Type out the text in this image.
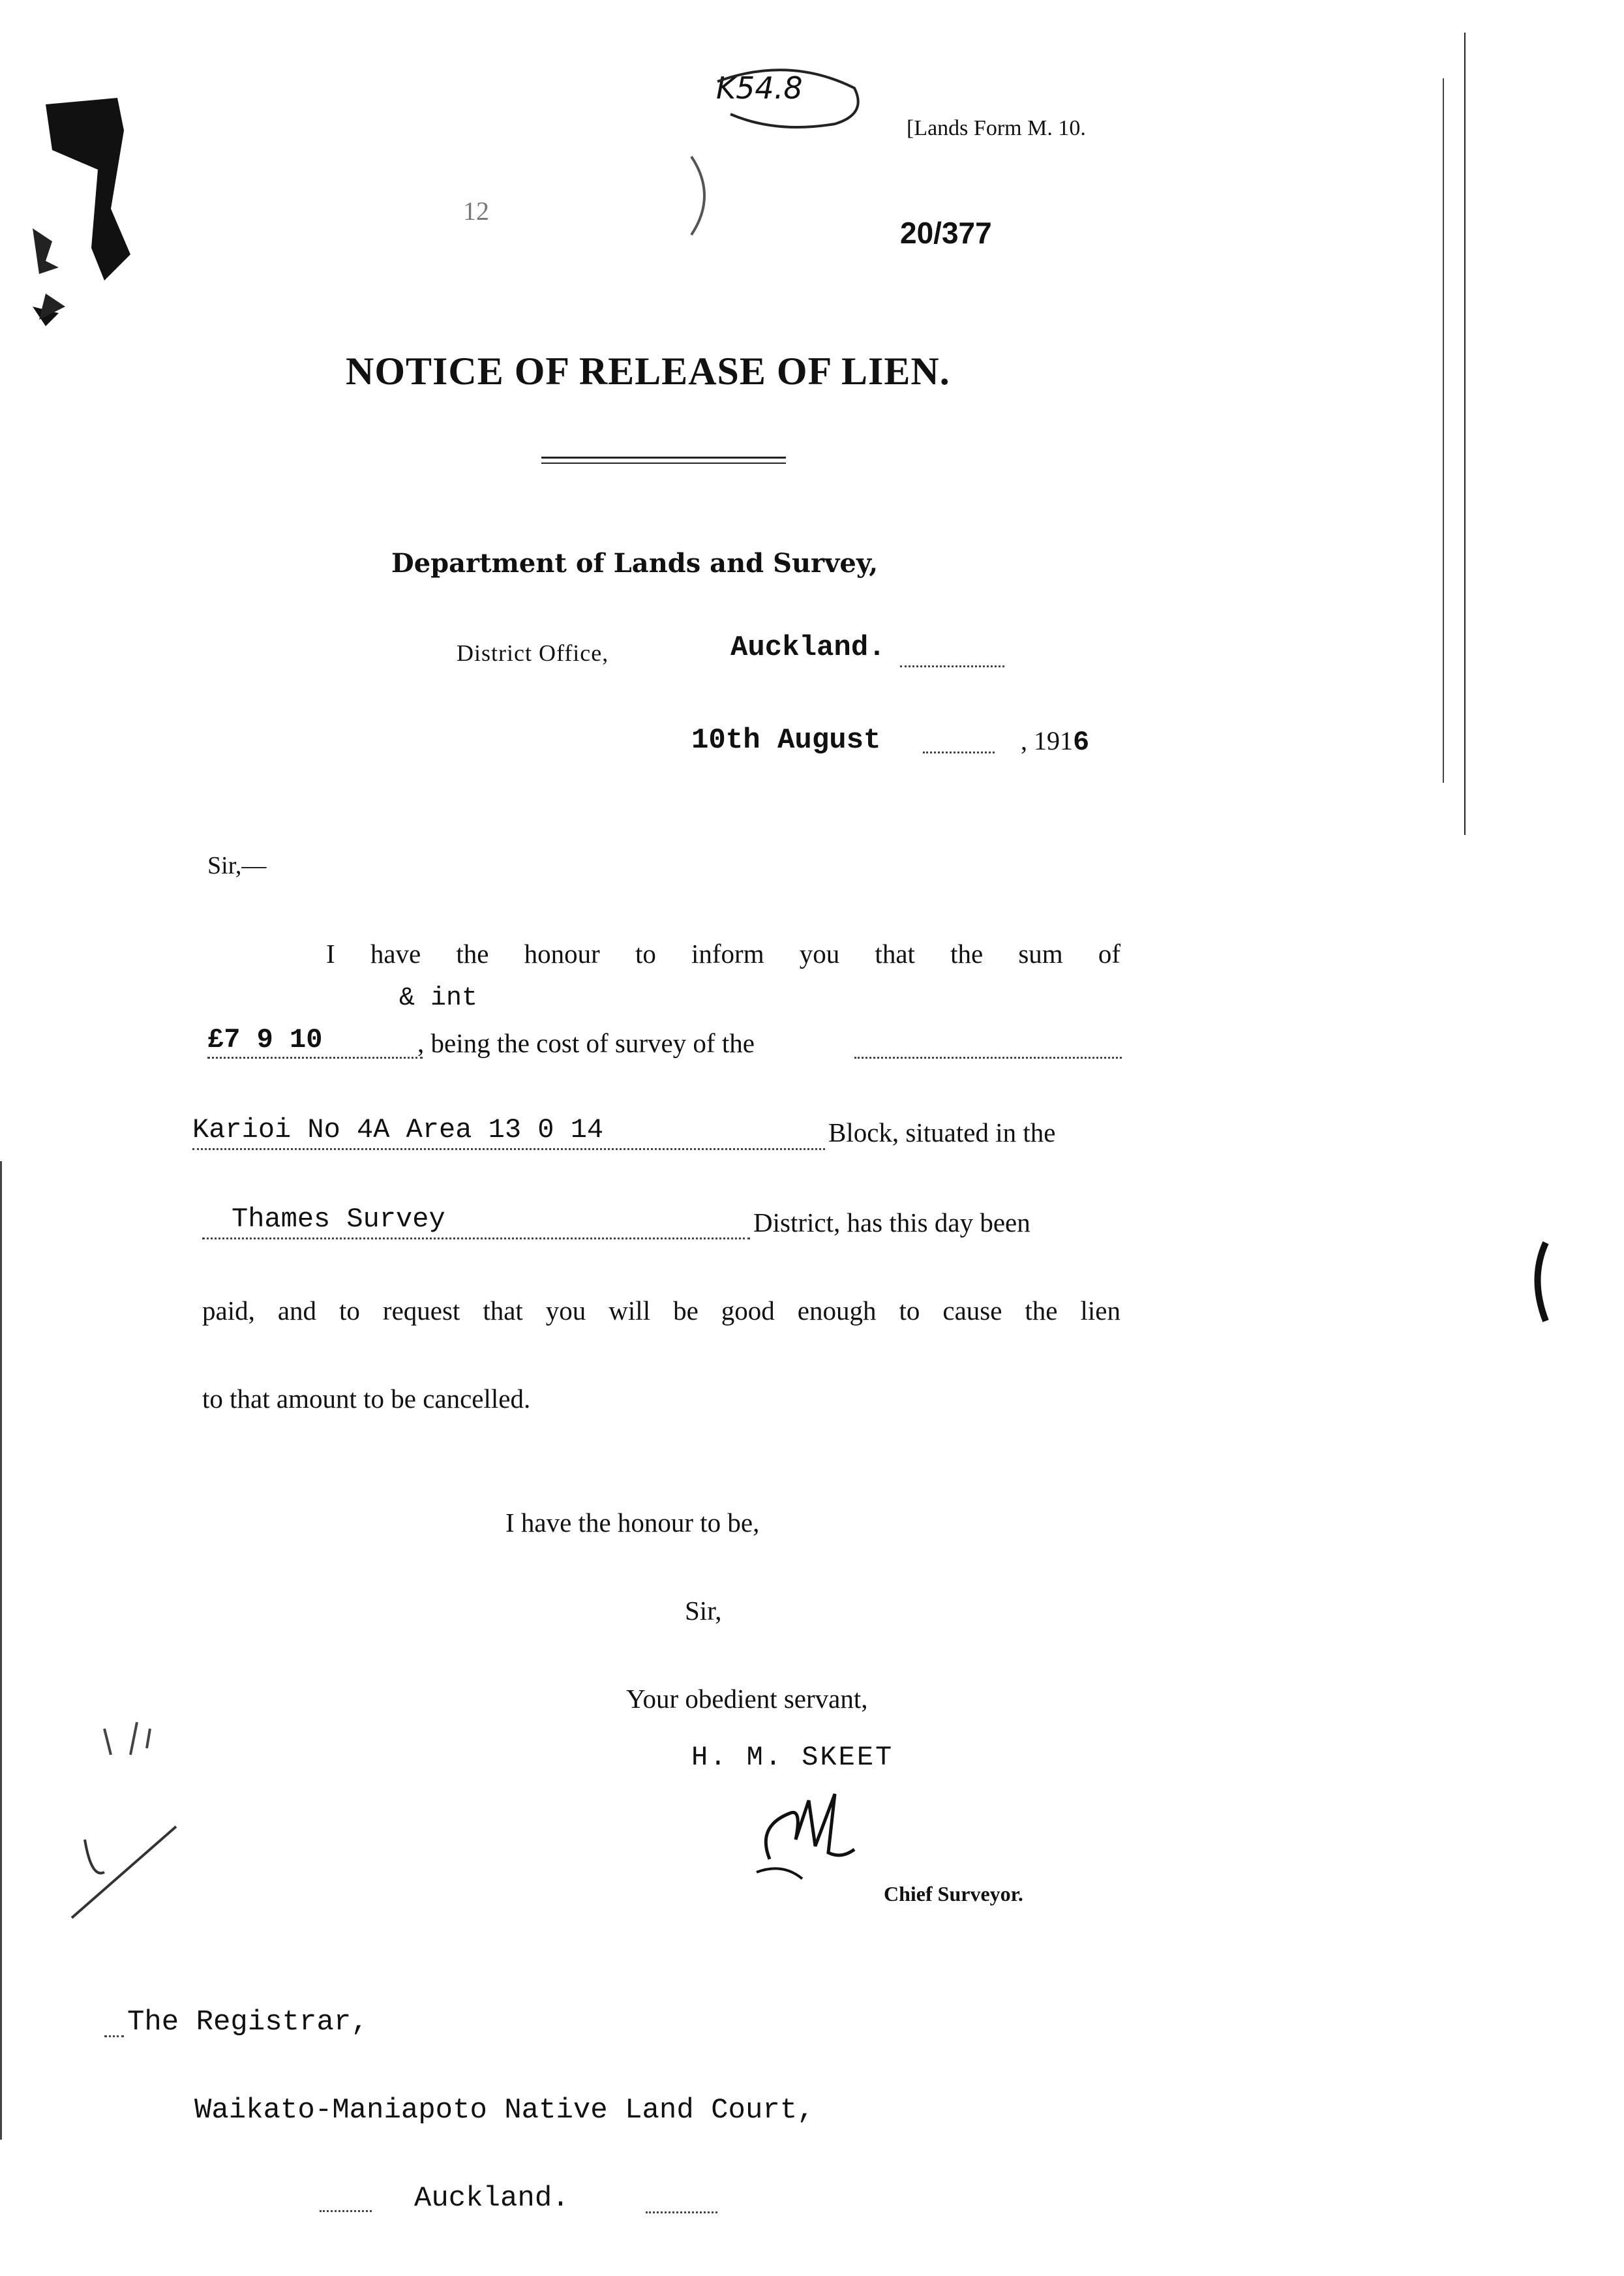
[Lands Form M. 10.
20/377
K54.8
12
NOTICE OF RELEASE OF LIEN.
Department of Lands and Survey,
District Office,	Auckland.
10th August	, 1916
Sir,—
I have the honour to inform you that the sum of
& int
£7 9 10	, being the cost of survey of the
Karioi No 4A Area 13 0 14	Block, situated in the
Thames Survey	District, has this day been
paid, and to request that you will be good enough to cause the lien
to that amount to be cancelled.
I have the honour to be,
Sir,
Your obedient servant,
H. M. SKEET
Chief Surveyor.
The Registrar,
Waikato-Maniapoto Native Land Court,
Auckland.
